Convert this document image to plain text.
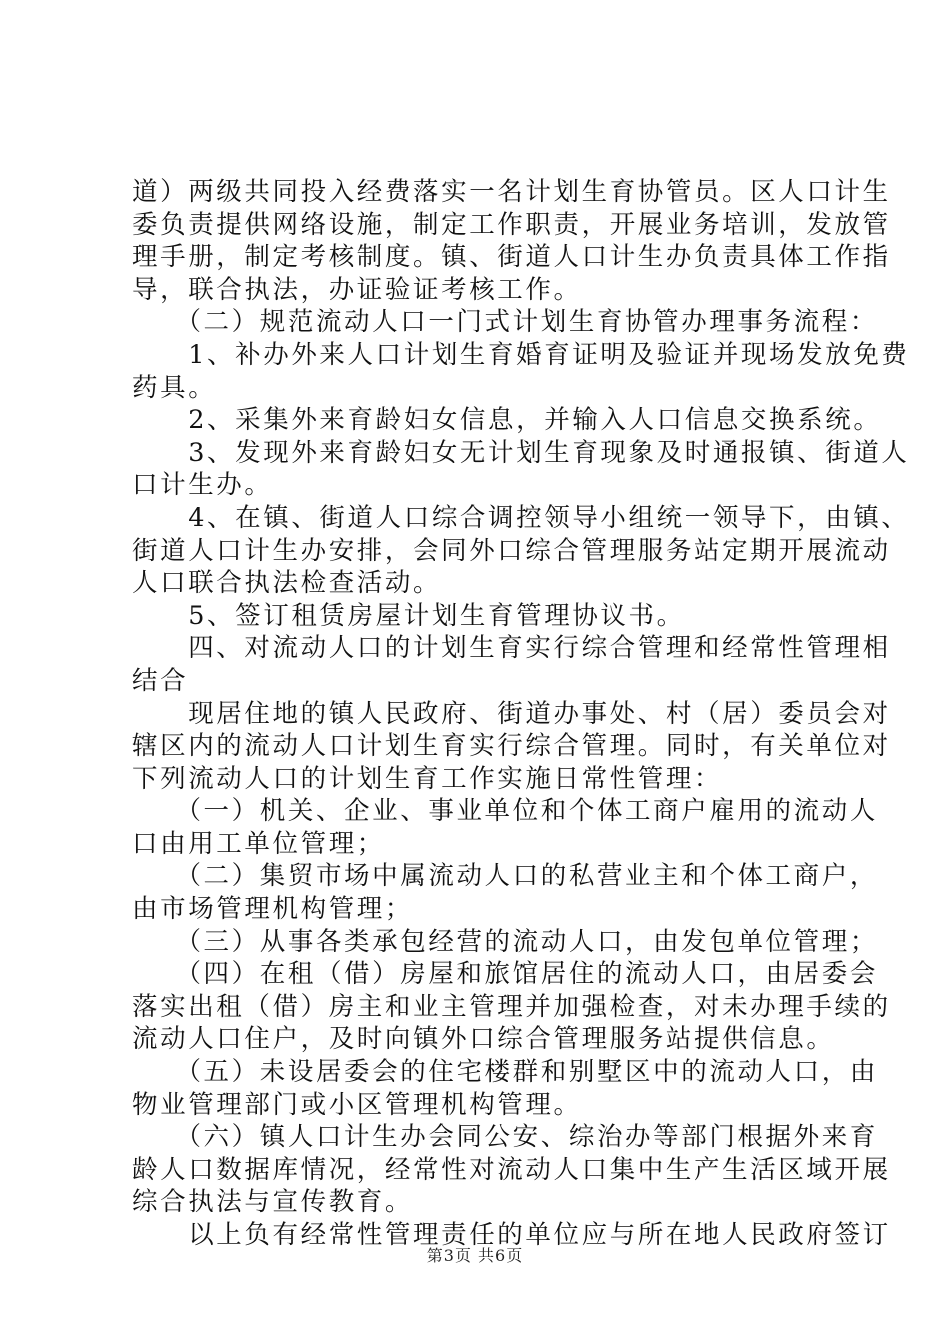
道）两级共同投入经费落实一名计划生育协管员。区人口计生
委负责提供网络设施，制定工作职责，开展业务培训，发放管
理手册，制定考核制度。镇、街道人口计生办负责具体工作指
导，联合执法，办证验证考核工作。
　　（二）规范流动人口一门式计划生育协管办理事务流程：
　　1、补办外来人口计划生育婚育证明及验证并现场发放免费
药具。
　　2、采集外来育龄妇女信息，并输入人口信息交换系统。
　　3、发现外来育龄妇女无计划生育现象及时通报镇、街道人
口计生办。
　　4、在镇、街道人口综合调控领导小组统一领导下，由镇、
街道人口计生办安排，会同外口综合管理服务站定期开展流动
人口联合执法检查活动。
　　5、签订租赁房屋计划生育管理协议书。
　　四、对流动人口的计划生育实行综合管理和经常性管理相
结合
　　现居住地的镇人民政府、街道办事处、村（居）委员会对
辖区内的流动人口计划生育实行综合管理。同时，有关单位对
下列流动人口的计划生育工作实施日常性管理：
　　（一）机关、企业、事业单位和个体工商户雇用的流动人
口由用工单位管理；
　　（二）集贸市场中属流动人口的私营业主和个体工商户，
由市场管理机构管理；
　　（三）从事各类承包经营的流动人口，由发包单位管理；
　　（四）在租（借）房屋和旅馆居住的流动人口，由居委会
落实出租（借）房主和业主管理并加强检查，对未办理手续的
流动人口住户，及时向镇外口综合管理服务站提供信息。
　　（五）未设居委会的住宅楼群和别墅区中的流动人口，由
物业管理部门或小区管理机构管理。
　　（六）镇人口计生办会同公安、综治办等部门根据外来育
龄人口数据库情况，经常性对流动人口集中生产生活区域开展
综合执法与宣传教育。
　　以上负有经常性管理责任的单位应与所在地人民政府签订
第3页 共6页
